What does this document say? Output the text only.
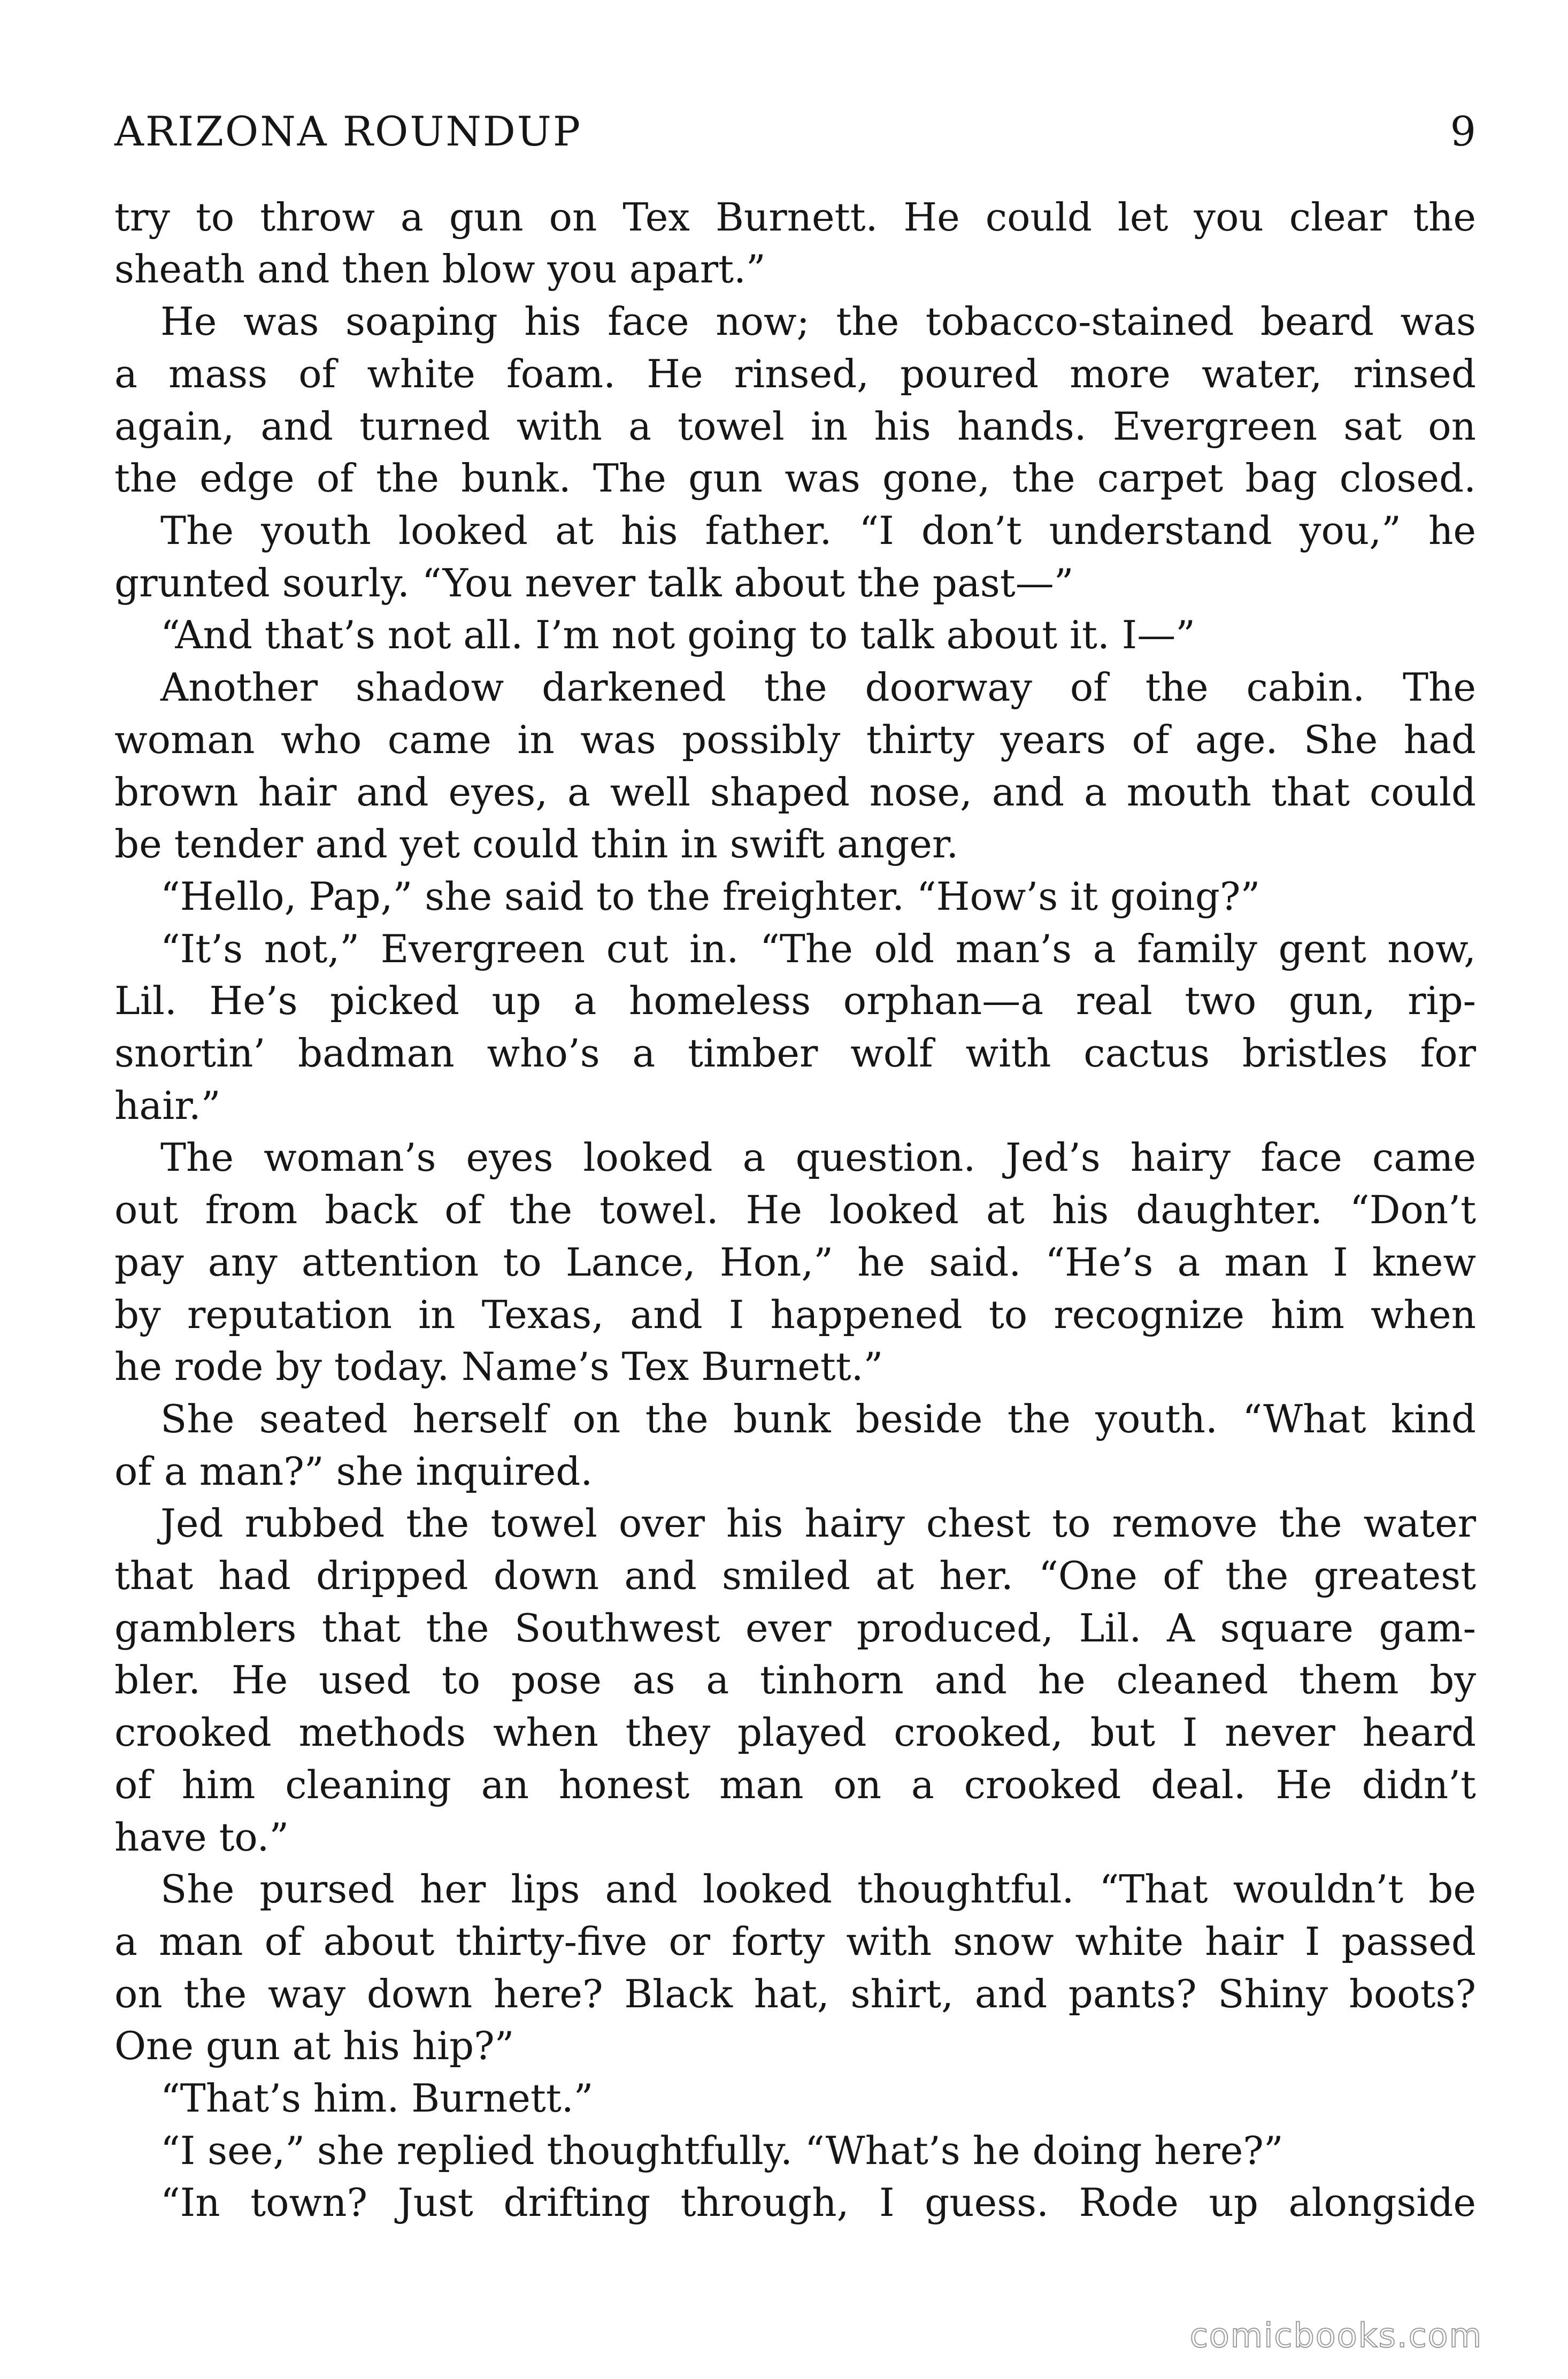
ARIZONA ROUNDUP	9
try to throw a gun on Tex Burnett. He could let you clear the
sheath and then blow you apart.”
He was soaping his face now; the tobacco-stained beard was
a mass of white foam. He rinsed, poured more water, rinsed
again, and turned with a towel in his hands. Evergreen sat on
the edge of the bunk. The gun was gone, the carpet bag closed.
The youth looked at his father. “I don’t understand you,” he
grunted sourly. “You never talk about the past—”
“And that’s not all. I’m not going to talk about it. I—”
Another shadow darkened the doorway of the cabin. The
woman who came in was possibly thirty years of age. She had
brown hair and eyes, a well shaped nose, and a mouth that could
be tender and yet could thin in swift anger.
“Hello, Pap,” she said to the freighter. “How’s it going?”
“It’s not,” Evergreen cut in. “The old man’s a family gent now,
Lil. He’s picked up a homeless orphan—a real two gun, rip-
snortin’ badman who’s a timber wolf with cactus bristles for
hair.”
The woman’s eyes looked a question. Jed’s hairy face came
out from back of the towel. He looked at his daughter. “Don’t
pay any attention to Lance, Hon,” he said. “He’s a man I knew
by reputation in Texas, and I happened to recognize him when
he rode by today. Name’s Tex Burnett.”
She seated herself on the bunk beside the youth. “What kind
of a man?” she inquired.
Jed rubbed the towel over his hairy chest to remove the water
that had dripped down and smiled at her. “One of the greatest
gamblers that the Southwest ever produced, Lil. A square gam-
bler. He used to pose as a tinhorn and he cleaned them by
crooked methods when they played crooked, but I never heard
of him cleaning an honest man on a crooked deal. He didn’t
have to.”
She pursed her lips and looked thoughtful. “That wouldn’t be
a man of about thirty-five or forty with snow white hair I passed
on the way down here? Black hat, shirt, and pants? Shiny boots?
One gun at his hip?”
“That’s him. Burnett.”
“I see,” she replied thoughtfully. “What’s he doing here?”
“In town? Just drifting through, I guess. Rode up alongside
comicbooks.com
